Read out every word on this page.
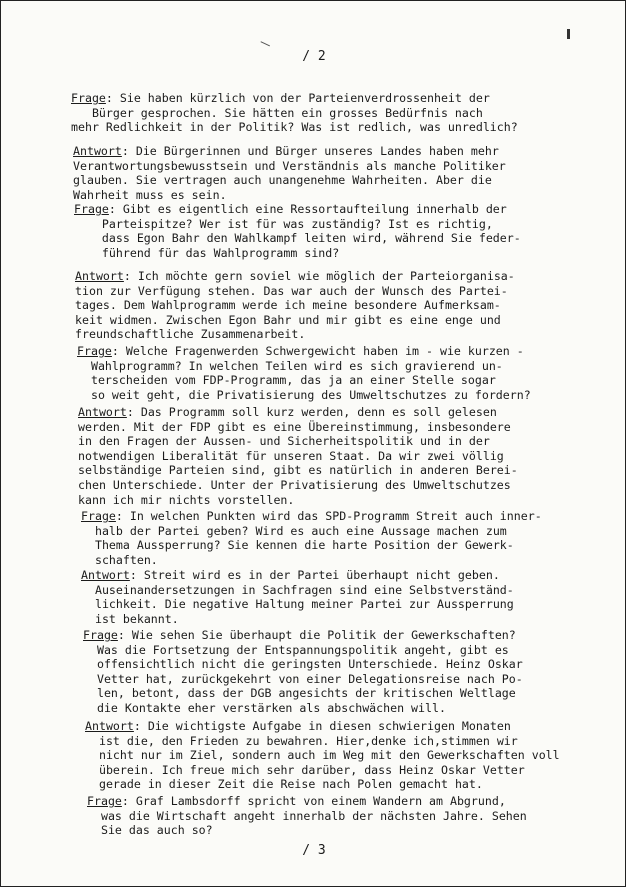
/ 2
Frage: Sie haben kürzlich von der Parteienverdrossenheit der
Bürger gesprochen. Sie hätten ein grosses Bedürfnis nach
mehr Redlichkeit in der Politik? Was ist redlich, was unredlich?
Antwort: Die Bürgerinnen und Bürger unseres Landes haben mehr
Verantwortungsbewusstsein und Verständnis als manche Politiker
glauben. Sie vertragen auch unangenehme Wahrheiten. Aber die
Wahrheit muss es sein.
Frage: Gibt es eigentlich eine Ressortaufteilung innerhalb der
Parteispitze? Wer ist für was zuständig? Ist es richtig,
dass Egon Bahr den Wahlkampf leiten wird, während Sie feder-
führend für das Wahlprogramm sind?
Antwort: Ich möchte gern soviel wie möglich der Parteiorganisa-
tion zur Verfügung stehen. Das war auch der Wunsch des Partei-
tages. Dem Wahlprogramm werde ich meine besondere Aufmerksam-
keit widmen. Zwischen Egon Bahr und mir gibt es eine enge und
freundschaftliche Zusammenarbeit.
Frage: Welche Fragenwerden Schwergewicht haben im - wie kurzen -
Wahlprogramm? In welchen Teilen wird es sich gravierend un-
terscheiden vom FDP-Programm, das ja an einer Stelle sogar
so weit geht, die Privatisierung des Umweltschutzes zu fordern?
Antwort: Das Programm soll kurz werden, denn es soll gelesen
werden. Mit der FDP gibt es eine Übereinstimmung, insbesondere
in den Fragen der Aussen- und Sicherheitspolitik und in der
notwendigen Liberalität für unseren Staat. Da wir zwei völlig
selbständige Parteien sind, gibt es natürlich in anderen Berei-
chen Unterschiede. Unter der Privatisierung des Umweltschutzes
kann ich mir nichts vorstellen.
Frage: In welchen Punkten wird das SPD-Programm Streit auch inner-
halb der Partei geben? Wird es auch eine Aussage machen zum
Thema Aussperrung? Sie kennen die harte Position der Gewerk-
schaften.
Antwort: Streit wird es in der Partei überhaupt nicht geben.
Auseinandersetzungen in Sachfragen sind eine Selbstverständ-
lichkeit. Die negative Haltung meiner Partei zur Aussperrung
ist bekannt.
Frage: Wie sehen Sie überhaupt die Politik der Gewerkschaften?
Was die Fortsetzung der Entspannungspolitik angeht, gibt es
offensichtlich nicht die geringsten Unterschiede. Heinz Oskar
Vetter hat, zurückgekehrt von einer Delegationsreise nach Po-
len, betont, dass der DGB angesichts der kritischen Weltlage
die Kontakte eher verstärken als abschwächen will.
Antwort: Die wichtigste Aufgabe in diesen schwierigen Monaten
ist die, den Frieden zu bewahren. Hier,denke ich,stimmen wir
nicht nur im Ziel, sondern auch im Weg mit den Gewerkschaften voll
überein. Ich freue mich sehr darüber, dass Heinz Oskar Vetter
gerade in dieser Zeit die Reise nach Polen gemacht hat.
Frage: Graf Lambsdorff spricht von einem Wandern am Abgrund,
was die Wirtschaft angeht innerhalb der nächsten Jahre. Sehen
Sie das auch so?
/ 3
